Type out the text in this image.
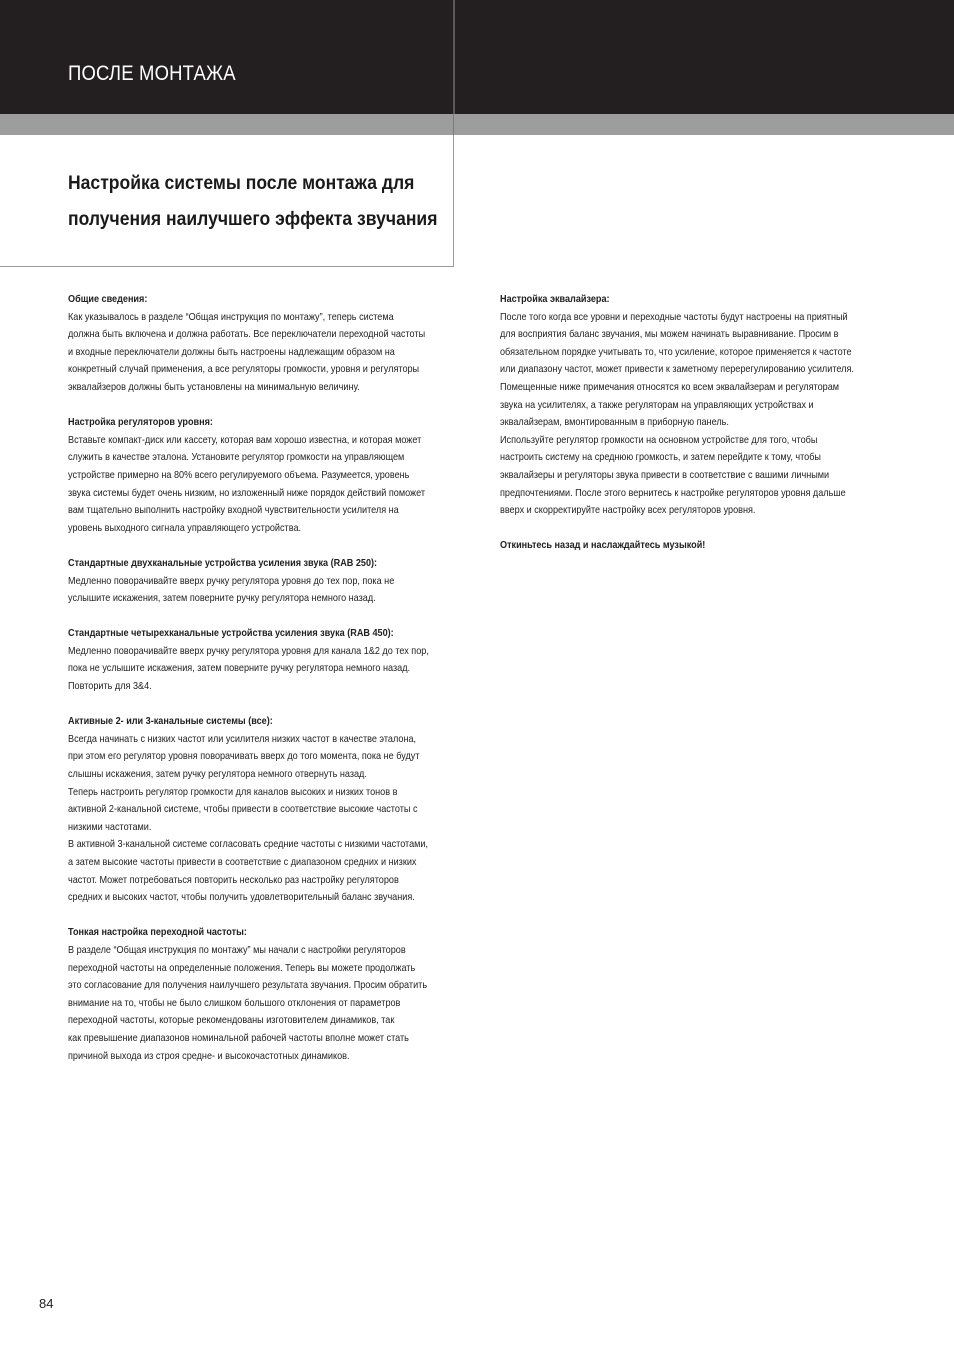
ПОСЛЕ МОНТАЖА
Настройка системы после монтажа для
получения наилучшего эффекта звучания
Общие сведения:
Как указывалось в разделе “Общая инструкция по монтажу”, теперь система
должна быть включена и должна работать. Все переключатели переходной частоты
и входные переключатели должны быть настроены надлежащим образом на
конкретный случай применения, а все регуляторы громкости, уровня и регуляторы
эквалайзеров должны быть установлены на минимальную величину.
Настройка регуляторов уровня:
Вставьте компакт-диск или кассету, которая вам хорошо известна, и которая может
служить в качестве эталона. Установите регулятор громкости на управляющем
устройстве примерно на 80% всего регулируемого объема. Разумеется, уровень
звука системы будет очень низким, но изложенный ниже порядок действий поможет
вам тщательно выполнить настройку входной чувствительности усилителя на
уровень выходного сигнала управляющего устройства.
Стандартные двухканальные устройства усиления звука (RAB 250):
Медленно поворачивайте вверх ручку регулятора уровня до тех пор, пока не
услышите искажения, затем поверните ручку регулятора немного назад.
Стандартные четырехканальные устройства усиления звука (RAB 450):
Медленно поворачивайте вверх ручку регулятора уровня для канала 1&2 до тех пор,
пока не услышите искажения, затем поверните ручку регулятора немного назад.
Повторить для 3&4.
Активные 2- или 3-канальные системы (все):
Всегда начинать с низких частот или усилителя низких частот в качестве эталона,
при этом его регулятор уровня поворачивать вверх до того момента, пока не будут
слышны искажения, затем ручку регулятора немного отвернуть назад.
Теперь настроить регулятор громкости для каналов высоких и низких тонов в
активной 2-канальной системе, чтобы привести в соответствие высокие частоты с
низкими частотами.
В активной 3-канальной системе согласовать средние частоты с низкими частотами,
а затем высокие частоты привести в соответствие с диапазоном средних и низких
частот. Может потребоваться повторить несколько раз настройку регуляторов
средних и высоких частот, чтобы получить удовлетворительный баланс звучания.
Тонкая настройка переходной частоты:
В разделе “Общая инструкция по монтажу” мы начали с настройки регуляторов
переходной частоты на определенные положения. Теперь вы можете продолжать
это согласование для получения наилучшего результата звучания. Просим обратить
внимание на то, чтобы не было слишком большого отклонения от параметров
переходной частоты, которые рекомендованы изготовителем динамиков, так
как превышение диапазонов номинальной рабочей частоты вполне может стать
причиной выхода из строя средне- и высокочастотных динамиков.
Настройка эквалайзера:
После того когда все уровни и переходные частоты будут настроены на приятный
для восприятия баланс звучания, мы можем начинать выравнивание. Просим в
обязательном порядке учитывать то, что усиление, которое применяется к частоте
или диапазону частот, может привести к заметному перерегулированию усилителя.
Помещенные ниже примечания относятся ко всем эквалайзерам и регуляторам
звука на усилителях, а также регуляторам на управляющих устройствах и
эквалайзерам, вмонтированным в приборную панель.
Используйте регулятор громкости на основном устройстве для того, чтобы
настроить систему на среднюю громкость, и затем перейдите к тому, чтобы
эквалайзеры и регуляторы звука привести в соответствие с вашими личными
предпочтениями. После этого вернитесь к настройке регуляторов уровня дальше
вверх и скорректируйте настройку всех регуляторов уровня.
Откиньтесь назад и наслаждайтесь музыкой!
84
